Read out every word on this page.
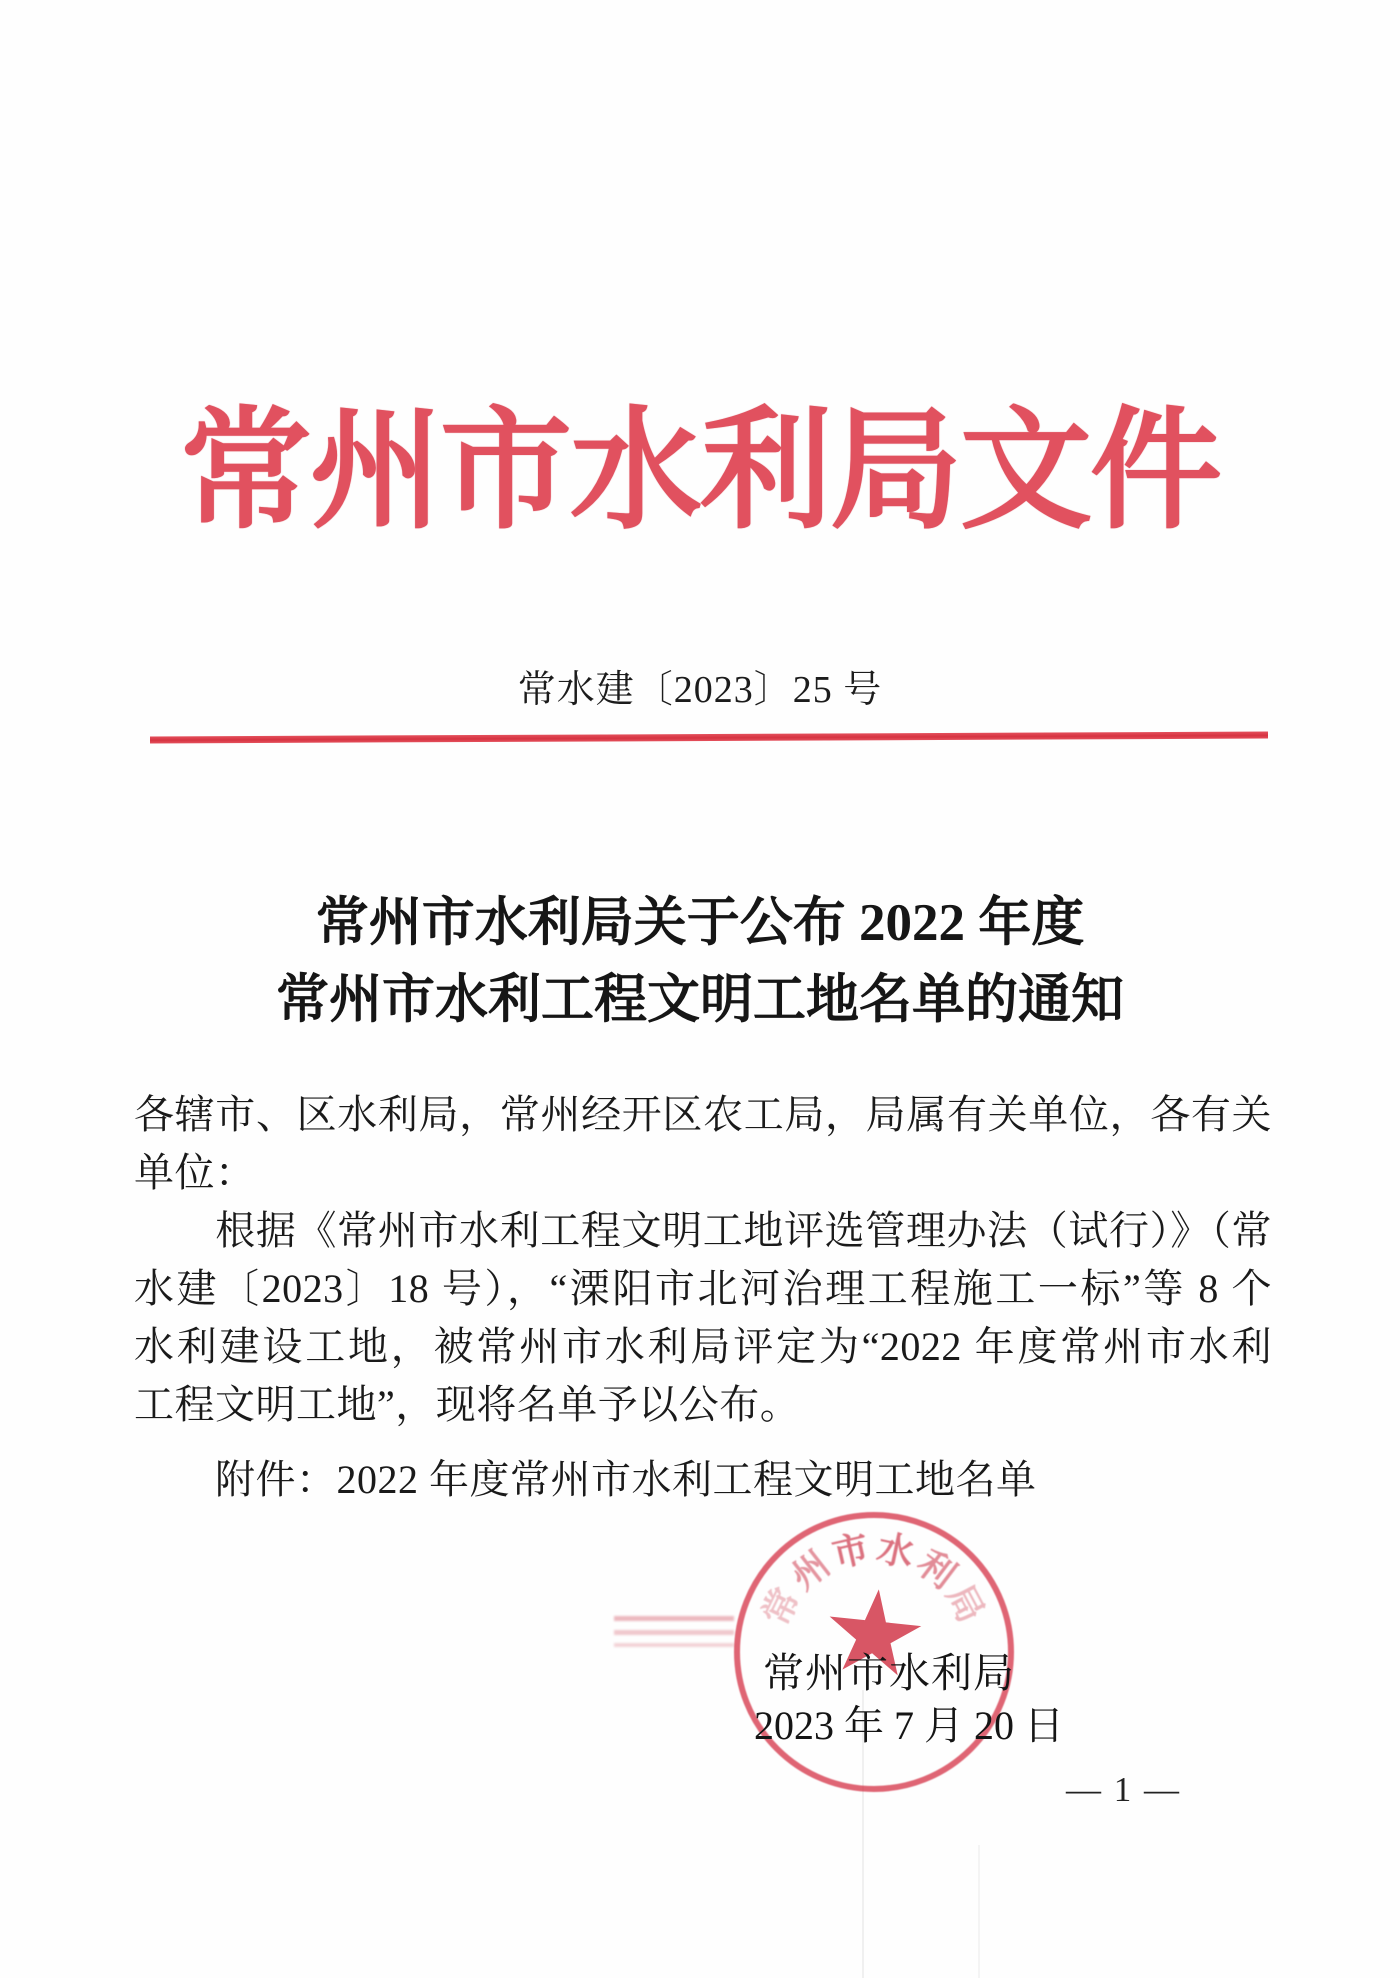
常州市水利局文件
常水建〔2023〕25 号
常州市水利局关于公布 2022 年度
常州市水利工程文明工地名单的通知
各辖市、区水利局，常州经开区农工局，局属有关单位，各有关
单位：
　　根据《常州市水利工程文明工地评选管理办法（试行）》（常
水建〔2023〕18 号），“溧阳市北河治理工程施工一标”等 8 个
水利建设工地，被常州市水利局评定为“2022 年度常州市水利
工程文明工地”，现将名单予以公布。
　　附件：2022 年度常州市水利工程文明工地名单
常
州
市 水
利
局
常州市水利局
2023 年 7 月 20 日
— 1 —
